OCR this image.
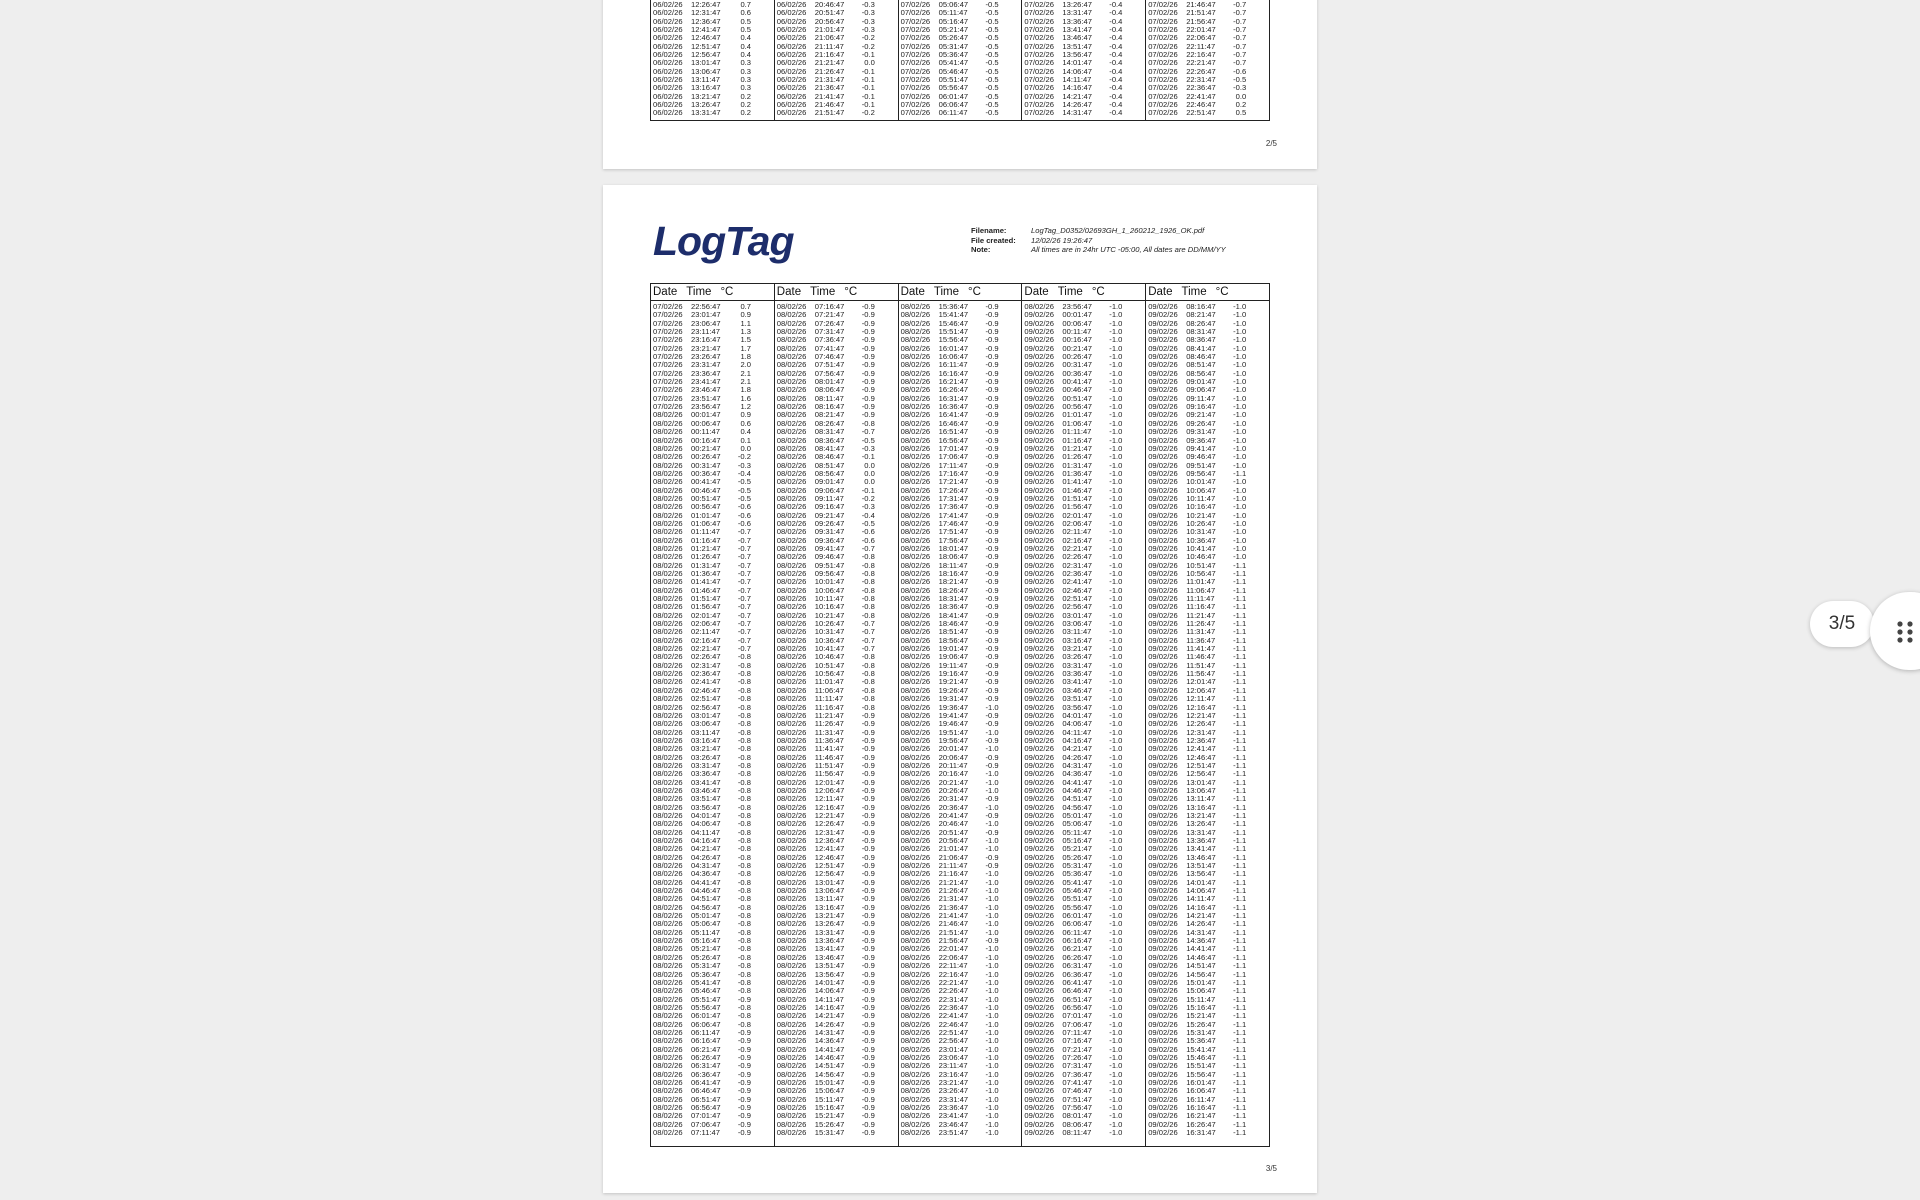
06/02/26	12:26:47	0.7
06/02/26	12:31:47	0.6
06/02/26	12:36:47	0.5
06/02/26	12:41:47	0.5
06/02/26	12:46:47	0.4
06/02/26	12:51:47	0.4
06/02/26	12:56:47	0.4
06/02/26	13:01:47	0.3
06/02/26	13:06:47	0.3
06/02/26	13:11:47	0.3
06/02/26	13:16:47	0.3
06/02/26	13:21:47	0.2
06/02/26	13:26:47	0.2
06/02/26	13:31:47	0.2
06/02/26	20:46:47	-0.3
06/02/26	20:51:47	-0.3
06/02/26	20:56:47	-0.3
06/02/26	21:01:47	-0.3
06/02/26	21:06:47	-0.2
06/02/26	21:11:47	-0.2
06/02/26	21:16:47	-0.1
06/02/26	21:21:47	0.0
06/02/26	21:26:47	-0.1
06/02/26	21:31:47	-0.1
06/02/26	21:36:47	-0.1
06/02/26	21:41:47	-0.1
06/02/26	21:46:47	-0.1
06/02/26	21:51:47	-0.2
07/02/26	05:06:47	-0.5
07/02/26	05:11:47	-0.5
07/02/26	05:16:47	-0.5
07/02/26	05:21:47	-0.5
07/02/26	05:26:47	-0.5
07/02/26	05:31:47	-0.5
07/02/26	05:36:47	-0.5
07/02/26	05:41:47	-0.5
07/02/26	05:46:47	-0.5
07/02/26	05:51:47	-0.5
07/02/26	05:56:47	-0.5
07/02/26	06:01:47	-0.5
07/02/26	06:06:47	-0.5
07/02/26	06:11:47	-0.5
07/02/26	13:26:47	-0.4
07/02/26	13:31:47	-0.4
07/02/26	13:36:47	-0.4
07/02/26	13:41:47	-0.4
07/02/26	13:46:47	-0.4
07/02/26	13:51:47	-0.4
07/02/26	13:56:47	-0.4
07/02/26	14:01:47	-0.4
07/02/26	14:06:47	-0.4
07/02/26	14:11:47	-0.4
07/02/26	14:16:47	-0.4
07/02/26	14:21:47	-0.4
07/02/26	14:26:47	-0.4
07/02/26	14:31:47	-0.4
07/02/26	21:46:47	-0.7
07/02/26	21:51:47	-0.7
07/02/26	21:56:47	-0.7
07/02/26	22:01:47	-0.7
07/02/26	22:06:47	-0.7
07/02/26	22:11:47	-0.7
07/02/26	22:16:47	-0.7
07/02/26	22:21:47	-0.7
07/02/26	22:26:47	-0.6
07/02/26	22:31:47	-0.5
07/02/26	22:36:47	-0.3
07/02/26	22:41:47	0.0
07/02/26	22:46:47	0.2
07/02/26	22:51:47	0.5
2/5
LogTag	Filename:	LogTag_D0352/02693GH_1_260212_1926_OK.pdf
File created:	12/02/26 19:26:47
Note:	All times are in 24hr UTC -05:00, All dates are DD/MM/YY
Date Time °C
07/02/26	22:56:47	0.7
07/02/26	23:01:47	0.9
07/02/26	23:06:47	1.1
07/02/26	23:11:47	1.3
07/02/26	23:16:47	1.5
07/02/26	23:21:47	1.7
07/02/26	23:26:47	1.8
07/02/26	23:31:47	2.0
07/02/26	23:36:47	2.1
07/02/26	23:41:47	2.1
07/02/26	23:46:47	1.8
07/02/26	23:51:47	1.6
07/02/26	23:56:47	1.2
08/02/26	00:01:47	0.9
08/02/26	00:06:47	0.6
08/02/26	00:11:47	0.4
08/02/26	00:16:47	0.1
08/02/26	00:21:47	0.0
08/02/26	00:26:47	-0.2
08/02/26	00:31:47	-0.3
08/02/26	00:36:47	-0.4
08/02/26	00:41:47	-0.5
08/02/26	00:46:47	-0.5
08/02/26	00:51:47	-0.5
08/02/26	00:56:47	-0.6
08/02/26	01:01:47	-0.6
08/02/26	01:06:47	-0.6
08/02/26	01:11:47	-0.7
08/02/26	01:16:47	-0.7
08/02/26	01:21:47	-0.7
08/02/26	01:26:47	-0.7
08/02/26	01:31:47	-0.7
08/02/26	01:36:47	-0.7
08/02/26	01:41:47	-0.7
08/02/26	01:46:47	-0.7
08/02/26	01:51:47	-0.7
08/02/26	01:56:47	-0.7
08/02/26	02:01:47	-0.7
08/02/26	02:06:47	-0.7
08/02/26	02:11:47	-0.7
08/02/26	02:16:47	-0.7
08/02/26	02:21:47	-0.7
08/02/26	02:26:47	-0.8
08/02/26	02:31:47	-0.8
08/02/26	02:36:47	-0.8
08/02/26	02:41:47	-0.8
08/02/26	02:46:47	-0.8
08/02/26	02:51:47	-0.8
08/02/26	02:56:47	-0.8
08/02/26	03:01:47	-0.8
08/02/26	03:06:47	-0.8
08/02/26	03:11:47	-0.8
08/02/26	03:16:47	-0.8
08/02/26	03:21:47	-0.8
08/02/26	03:26:47	-0.8
08/02/26	03:31:47	-0.8
08/02/26	03:36:47	-0.8
08/02/26	03:41:47	-0.8
08/02/26	03:46:47	-0.8
08/02/26	03:51:47	-0.8
08/02/26	03:56:47	-0.8
08/02/26	04:01:47	-0.8
08/02/26	04:06:47	-0.8
08/02/26	04:11:47	-0.8
08/02/26	04:16:47	-0.8
08/02/26	04:21:47	-0.8
08/02/26	04:26:47	-0.8
08/02/26	04:31:47	-0.8
08/02/26	04:36:47	-0.8
08/02/26	04:41:47	-0.8
08/02/26	04:46:47	-0.8
08/02/26	04:51:47	-0.8
08/02/26	04:56:47	-0.8
08/02/26	05:01:47	-0.8
08/02/26	05:06:47	-0.8
08/02/26	05:11:47	-0.8
08/02/26	05:16:47	-0.8
08/02/26	05:21:47	-0.8
08/02/26	05:26:47	-0.8
08/02/26	05:31:47	-0.8
08/02/26	05:36:47	-0.8
08/02/26	05:41:47	-0.8
08/02/26	05:46:47	-0.8
08/02/26	05:51:47	-0.9
08/02/26	05:56:47	-0.8
08/02/26	06:01:47	-0.8
08/02/26	06:06:47	-0.8
08/02/26	06:11:47	-0.9
08/02/26	06:16:47	-0.9
08/02/26	06:21:47	-0.9
08/02/26	06:26:47	-0.9
08/02/26	06:31:47	-0.9
08/02/26	06:36:47	-0.9
08/02/26	06:41:47	-0.9
08/02/26	06:46:47	-0.9
08/02/26	06:51:47	-0.9
08/02/26	06:56:47	-0.9
08/02/26	07:01:47	-0.9
08/02/26	07:06:47	-0.9
08/02/26	07:11:47	-0.9
Date Time °C
08/02/26	07:16:47	-0.9
08/02/26	07:21:47	-0.9
08/02/26	07:26:47	-0.9
08/02/26	07:31:47	-0.9
08/02/26	07:36:47	-0.9
08/02/26	07:41:47	-0.9
08/02/26	07:46:47	-0.9
08/02/26	07:51:47	-0.9
08/02/26	07:56:47	-0.9
08/02/26	08:01:47	-0.9
08/02/26	08:06:47	-0.9
08/02/26	08:11:47	-0.9
08/02/26	08:16:47	-0.9
08/02/26	08:21:47	-0.9
08/02/26	08:26:47	-0.8
08/02/26	08:31:47	-0.7
08/02/26	08:36:47	-0.5
08/02/26	08:41:47	-0.3
08/02/26	08:46:47	-0.1
08/02/26	08:51:47	0.0
08/02/26	08:56:47	0.0
08/02/26	09:01:47	0.0
08/02/26	09:06:47	-0.1
08/02/26	09:11:47	-0.2
08/02/26	09:16:47	-0.3
08/02/26	09:21:47	-0.4
08/02/26	09:26:47	-0.5
08/02/26	09:31:47	-0.6
08/02/26	09:36:47	-0.6
08/02/26	09:41:47	-0.7
08/02/26	09:46:47	-0.8
08/02/26	09:51:47	-0.8
08/02/26	09:56:47	-0.8
08/02/26	10:01:47	-0.8
08/02/26	10:06:47	-0.8
08/02/26	10:11:47	-0.8
08/02/26	10:16:47	-0.8
08/02/26	10:21:47	-0.8
08/02/26	10:26:47	-0.7
08/02/26	10:31:47	-0.7
08/02/26	10:36:47	-0.7
08/02/26	10:41:47	-0.7
08/02/26	10:46:47	-0.8
08/02/26	10:51:47	-0.8
08/02/26	10:56:47	-0.8
08/02/26	11:01:47	-0.8
08/02/26	11:06:47	-0.8
08/02/26	11:11:47	-0.8
08/02/26	11:16:47	-0.8
08/02/26	11:21:47	-0.9
08/02/26	11:26:47	-0.9
08/02/26	11:31:47	-0.9
08/02/26	11:36:47	-0.9
08/02/26	11:41:47	-0.9
08/02/26	11:46:47	-0.9
08/02/26	11:51:47	-0.9
08/02/26	11:56:47	-0.9
08/02/26	12:01:47	-0.9
08/02/26	12:06:47	-0.9
08/02/26	12:11:47	-0.9
08/02/26	12:16:47	-0.9
08/02/26	12:21:47	-0.9
08/02/26	12:26:47	-0.9
08/02/26	12:31:47	-0.9
08/02/26	12:36:47	-0.9
08/02/26	12:41:47	-0.9
08/02/26	12:46:47	-0.9
08/02/26	12:51:47	-0.9
08/02/26	12:56:47	-0.9
08/02/26	13:01:47	-0.9
08/02/26	13:06:47	-0.9
08/02/26	13:11:47	-0.9
08/02/26	13:16:47	-0.9
08/02/26	13:21:47	-0.9
08/02/26	13:26:47	-0.9
08/02/26	13:31:47	-0.9
08/02/26	13:36:47	-0.9
08/02/26	13:41:47	-0.9
08/02/26	13:46:47	-0.9
08/02/26	13:51:47	-0.9
08/02/26	13:56:47	-0.9
08/02/26	14:01:47	-0.9
08/02/26	14:06:47	-0.9
08/02/26	14:11:47	-0.9
08/02/26	14:16:47	-0.9
08/02/26	14:21:47	-0.9
08/02/26	14:26:47	-0.9
08/02/26	14:31:47	-0.9
08/02/26	14:36:47	-0.9
08/02/26	14:41:47	-0.9
08/02/26	14:46:47	-0.9
08/02/26	14:51:47	-0.9
08/02/26	14:56:47	-0.9
08/02/26	15:01:47	-0.9
08/02/26	15:06:47	-0.9
08/02/26	15:11:47	-0.9
08/02/26	15:16:47	-0.9
08/02/26	15:21:47	-0.9
08/02/26	15:26:47	-0.9
08/02/26	15:31:47	-0.9
Date Time °C
08/02/26	15:36:47	-0.9
08/02/26	15:41:47	-0.9
08/02/26	15:46:47	-0.9
08/02/26	15:51:47	-0.9
08/02/26	15:56:47	-0.9
08/02/26	16:01:47	-0.9
08/02/26	16:06:47	-0.9
08/02/26	16:11:47	-0.9
08/02/26	16:16:47	-0.9
08/02/26	16:21:47	-0.9
08/02/26	16:26:47	-0.9
08/02/26	16:31:47	-0.9
08/02/26	16:36:47	-0.9
08/02/26	16:41:47	-0.9
08/02/26	16:46:47	-0.9
08/02/26	16:51:47	-0.9
08/02/26	16:56:47	-0.9
08/02/26	17:01:47	-0.9
08/02/26	17:06:47	-0.9
08/02/26	17:11:47	-0.9
08/02/26	17:16:47	-0.9
08/02/26	17:21:47	-0.9
08/02/26	17:26:47	-0.9
08/02/26	17:31:47	-0.9
08/02/26	17:36:47	-0.9
08/02/26	17:41:47	-0.9
08/02/26	17:46:47	-0.9
08/02/26	17:51:47	-0.9
08/02/26	17:56:47	-0.9
08/02/26	18:01:47	-0.9
08/02/26	18:06:47	-0.9
08/02/26	18:11:47	-0.9
08/02/26	18:16:47	-0.9
08/02/26	18:21:47	-0.9
08/02/26	18:26:47	-0.9
08/02/26	18:31:47	-0.9
08/02/26	18:36:47	-0.9
08/02/26	18:41:47	-0.9
08/02/26	18:46:47	-0.9
08/02/26	18:51:47	-0.9
08/02/26	18:56:47	-0.9
08/02/26	19:01:47	-0.9
08/02/26	19:06:47	-0.9
08/02/26	19:11:47	-0.9
08/02/26	19:16:47	-0.9
08/02/26	19:21:47	-0.9
08/02/26	19:26:47	-0.9
08/02/26	19:31:47	-0.9
08/02/26	19:36:47	-1.0
08/02/26	19:41:47	-0.9
08/02/26	19:46:47	-0.9
08/02/26	19:51:47	-1.0
08/02/26	19:56:47	-0.9
08/02/26	20:01:47	-1.0
08/02/26	20:06:47	-0.9
08/02/26	20:11:47	-0.9
08/02/26	20:16:47	-1.0
08/02/26	20:21:47	-1.0
08/02/26	20:26:47	-1.0
08/02/26	20:31:47	-0.9
08/02/26	20:36:47	-1.0
08/02/26	20:41:47	-0.9
08/02/26	20:46:47	-1.0
08/02/26	20:51:47	-0.9
08/02/26	20:56:47	-1.0
08/02/26	21:01:47	-1.0
08/02/26	21:06:47	-0.9
08/02/26	21:11:47	-0.9
08/02/26	21:16:47	-1.0
08/02/26	21:21:47	-1.0
08/02/26	21:26:47	-1.0
08/02/26	21:31:47	-1.0
08/02/26	21:36:47	-1.0
08/02/26	21:41:47	-1.0
08/02/26	21:46:47	-1.0
08/02/26	21:51:47	-1.0
08/02/26	21:56:47	-0.9
08/02/26	22:01:47	-1.0
08/02/26	22:06:47	-1.0
08/02/26	22:11:47	-1.0
08/02/26	22:16:47	-1.0
08/02/26	22:21:47	-1.0
08/02/26	22:26:47	-1.0
08/02/26	22:31:47	-1.0
08/02/26	22:36:47	-1.0
08/02/26	22:41:47	-1.0
08/02/26	22:46:47	-1.0
08/02/26	22:51:47	-1.0
08/02/26	22:56:47	-1.0
08/02/26	23:01:47	-1.0
08/02/26	23:06:47	-1.0
08/02/26	23:11:47	-1.0
08/02/26	23:16:47	-1.0
08/02/26	23:21:47	-1.0
08/02/26	23:26:47	-1.0
08/02/26	23:31:47	-1.0
08/02/26	23:36:47	-1.0
08/02/26	23:41:47	-1.0
08/02/26	23:46:47	-1.0
08/02/26	23:51:47	-1.0
Date Time °C
08/02/26	23:56:47	-1.0
09/02/26	00:01:47	-1.0
09/02/26	00:06:47	-1.0
09/02/26	00:11:47	-1.0
09/02/26	00:16:47	-1.0
09/02/26	00:21:47	-1.0
09/02/26	00:26:47	-1.0
09/02/26	00:31:47	-1.0
09/02/26	00:36:47	-1.0
09/02/26	00:41:47	-1.0
09/02/26	00:46:47	-1.0
09/02/26	00:51:47	-1.0
09/02/26	00:56:47	-1.0
09/02/26	01:01:47	-1.0
09/02/26	01:06:47	-1.0
09/02/26	01:11:47	-1.0
09/02/26	01:16:47	-1.0
09/02/26	01:21:47	-1.0
09/02/26	01:26:47	-1.0
09/02/26	01:31:47	-1.0
09/02/26	01:36:47	-1.0
09/02/26	01:41:47	-1.0
09/02/26	01:46:47	-1.0
09/02/26	01:51:47	-1.0
09/02/26	01:56:47	-1.0
09/02/26	02:01:47	-1.0
09/02/26	02:06:47	-1.0
09/02/26	02:11:47	-1.0
09/02/26	02:16:47	-1.0
09/02/26	02:21:47	-1.0
09/02/26	02:26:47	-1.0
09/02/26	02:31:47	-1.0
09/02/26	02:36:47	-1.0
09/02/26	02:41:47	-1.0
09/02/26	02:46:47	-1.0
09/02/26	02:51:47	-1.0
09/02/26	02:56:47	-1.0
09/02/26	03:01:47	-1.0
09/02/26	03:06:47	-1.0
09/02/26	03:11:47	-1.0
09/02/26	03:16:47	-1.0
09/02/26	03:21:47	-1.0
09/02/26	03:26:47	-1.0
09/02/26	03:31:47	-1.0
09/02/26	03:36:47	-1.0
09/02/26	03:41:47	-1.0
09/02/26	03:46:47	-1.0
09/02/26	03:51:47	-1.0
09/02/26	03:56:47	-1.0
09/02/26	04:01:47	-1.0
09/02/26	04:06:47	-1.0
09/02/26	04:11:47	-1.0
09/02/26	04:16:47	-1.0
09/02/26	04:21:47	-1.0
09/02/26	04:26:47	-1.0
09/02/26	04:31:47	-1.0
09/02/26	04:36:47	-1.0
09/02/26	04:41:47	-1.0
09/02/26	04:46:47	-1.0
09/02/26	04:51:47	-1.0
09/02/26	04:56:47	-1.0
09/02/26	05:01:47	-1.0
09/02/26	05:06:47	-1.0
09/02/26	05:11:47	-1.0
09/02/26	05:16:47	-1.0
09/02/26	05:21:47	-1.0
09/02/26	05:26:47	-1.0
09/02/26	05:31:47	-1.0
09/02/26	05:36:47	-1.0
09/02/26	05:41:47	-1.0
09/02/26	05:46:47	-1.0
09/02/26	05:51:47	-1.0
09/02/26	05:56:47	-1.0
09/02/26	06:01:47	-1.0
09/02/26	06:06:47	-1.0
09/02/26	06:11:47	-1.0
09/02/26	06:16:47	-1.0
09/02/26	06:21:47	-1.0
09/02/26	06:26:47	-1.0
09/02/26	06:31:47	-1.0
09/02/26	06:36:47	-1.0
09/02/26	06:41:47	-1.0
09/02/26	06:46:47	-1.0
09/02/26	06:51:47	-1.0
09/02/26	06:56:47	-1.0
09/02/26	07:01:47	-1.0
09/02/26	07:06:47	-1.0
09/02/26	07:11:47	-1.0
09/02/26	07:16:47	-1.0
09/02/26	07:21:47	-1.0
09/02/26	07:26:47	-1.0
09/02/26	07:31:47	-1.0
09/02/26	07:36:47	-1.0
09/02/26	07:41:47	-1.0
09/02/26	07:46:47	-1.0
09/02/26	07:51:47	-1.0
09/02/26	07:56:47	-1.0
09/02/26	08:01:47	-1.0
09/02/26	08:06:47	-1.0
09/02/26	08:11:47	-1.0
Date Time °C
09/02/26	08:16:47	-1.0
09/02/26	08:21:47	-1.0
09/02/26	08:26:47	-1.0
09/02/26	08:31:47	-1.0
09/02/26	08:36:47	-1.0
09/02/26	08:41:47	-1.0
09/02/26	08:46:47	-1.0
09/02/26	08:51:47	-1.0
09/02/26	08:56:47	-1.0
09/02/26	09:01:47	-1.0
09/02/26	09:06:47	-1.0
09/02/26	09:11:47	-1.0
09/02/26	09:16:47	-1.0
09/02/26	09:21:47	-1.0
09/02/26	09:26:47	-1.0
09/02/26	09:31:47	-1.0
09/02/26	09:36:47	-1.0
09/02/26	09:41:47	-1.0
09/02/26	09:46:47	-1.0
09/02/26	09:51:47	-1.0
09/02/26	09:56:47	-1.1
09/02/26	10:01:47	-1.0
09/02/26	10:06:47	-1.0
09/02/26	10:11:47	-1.0
09/02/26	10:16:47	-1.0
09/02/26	10:21:47	-1.0
09/02/26	10:26:47	-1.0
09/02/26	10:31:47	-1.0
09/02/26	10:36:47	-1.0
09/02/26	10:41:47	-1.0
09/02/26	10:46:47	-1.0
09/02/26	10:51:47	-1.1
09/02/26	10:56:47	-1.1
09/02/26	11:01:47	-1.1
09/02/26	11:06:47	-1.1
09/02/26	11:11:47	-1.1
09/02/26	11:16:47	-1.1
09/02/26	11:21:47	-1.1
09/02/26	11:26:47	-1.1
09/02/26	11:31:47	-1.1
09/02/26	11:36:47	-1.1
09/02/26	11:41:47	-1.1
09/02/26	11:46:47	-1.1
09/02/26	11:51:47	-1.1
09/02/26	11:56:47	-1.1
09/02/26	12:01:47	-1.1
09/02/26	12:06:47	-1.1
09/02/26	12:11:47	-1.1
09/02/26	12:16:47	-1.1
09/02/26	12:21:47	-1.1
09/02/26	12:26:47	-1.1
09/02/26	12:31:47	-1.1
09/02/26	12:36:47	-1.1
09/02/26	12:41:47	-1.1
09/02/26	12:46:47	-1.1
09/02/26	12:51:47	-1.1
09/02/26	12:56:47	-1.1
09/02/26	13:01:47	-1.1
09/02/26	13:06:47	-1.1
09/02/26	13:11:47	-1.1
09/02/26	13:16:47	-1.1
09/02/26	13:21:47	-1.1
09/02/26	13:26:47	-1.1
09/02/26	13:31:47	-1.1
09/02/26	13:36:47	-1.1
09/02/26	13:41:47	-1.1
09/02/26	13:46:47	-1.1
09/02/26	13:51:47	-1.1
09/02/26	13:56:47	-1.1
09/02/26	14:01:47	-1.1
09/02/26	14:06:47	-1.1
09/02/26	14:11:47	-1.1
09/02/26	14:16:47	-1.1
09/02/26	14:21:47	-1.1
09/02/26	14:26:47	-1.1
09/02/26	14:31:47	-1.1
09/02/26	14:36:47	-1.1
09/02/26	14:41:47	-1.1
09/02/26	14:46:47	-1.1
09/02/26	14:51:47	-1.1
09/02/26	14:56:47	-1.1
09/02/26	15:01:47	-1.1
09/02/26	15:06:47	-1.1
09/02/26	15:11:47	-1.1
09/02/26	15:16:47	-1.1
09/02/26	15:21:47	-1.1
09/02/26	15:26:47	-1.1
09/02/26	15:31:47	-1.1
09/02/26	15:36:47	-1.1
09/02/26	15:41:47	-1.1
09/02/26	15:46:47	-1.1
09/02/26	15:51:47	-1.1
09/02/26	15:56:47	-1.1
09/02/26	16:01:47	-1.1
09/02/26	16:06:47	-1.1
09/02/26	16:11:47	-1.1
09/02/26	16:16:47	-1.1
09/02/26	16:21:47	-1.1
09/02/26	16:26:47	-1.1
09/02/26	16:31:47	-1.1
3/5
3/5
